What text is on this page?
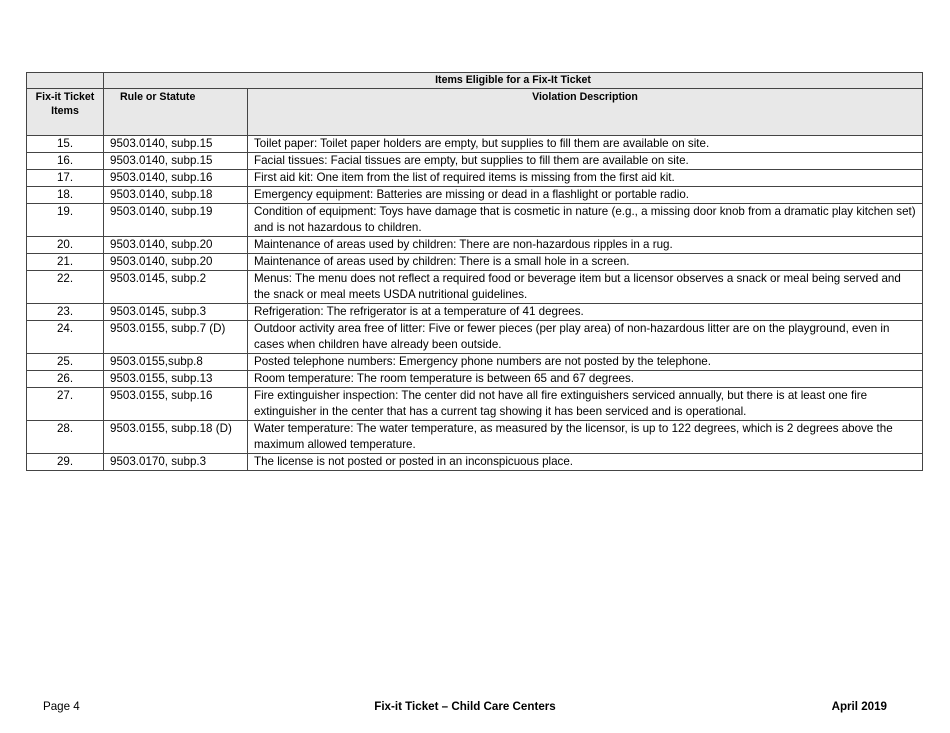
	Items Eligible for a Fix-It Ticket	
Fix-it Ticket Items	Rule or Statute	Violation Description
15.	9503.0140, subp.15	Toilet paper: Toilet paper holders are empty, but supplies to fill them are available on site.
16.	9503.0140, subp.15	Facial tissues: Facial tissues are empty, but supplies to fill them are available on site.
17.	9503.0140, subp.16	First aid kit: One item from the list of required items is missing from the first aid kit.
18.	9503.0140, subp.18	Emergency equipment: Batteries are missing or dead in a flashlight or portable radio.
19.	9503.0140, subp.19	Condition of equipment: Toys have damage that is cosmetic in nature (e.g., a missing door knob from a dramatic play kitchen set) and is not hazardous to children.
20.	9503.0140, subp.20	Maintenance of areas used by children: There are non-hazardous ripples in a rug.
21.	9503.0140, subp.20	Maintenance of areas used by children: There is a small hole in a screen.
22.	9503.0145, subp.2	Menus: The menu does not reflect a required food or beverage item but a licensor observes a snack or meal being served and the snack or meal meets USDA nutritional guidelines.
23.	9503.0145, subp.3	Refrigeration: The refrigerator is at a temperature of 41 degrees.
24.	9503.0155, subp.7 (D)	Outdoor activity area free of litter: Five or fewer pieces (per play area) of non-hazardous litter are on the playground, even in cases when children have already been outside.
25.	9503.0155,subp.8	Posted telephone numbers: Emergency phone numbers are not posted by the telephone.
26.	9503.0155, subp.13	Room temperature: The room temperature is between 65 and 67 degrees.
27.	9503.0155, subp.16	Fire extinguisher inspection: The center did not have all fire extinguishers serviced annually, but there is at least one fire extinguisher in the center that has a current tag showing it has been serviced and is operational.
28.	9503.0155, subp.18 (D)	Water temperature: The water temperature, as measured by the licensor, is up to 122 degrees, which is 2 degrees above the maximum allowed temperature.
29.	9503.0170, subp.3	The license is not posted or posted in an inconspicuous place.
Page 4	Fix-it Ticket – Child Care Centers	April 2019
